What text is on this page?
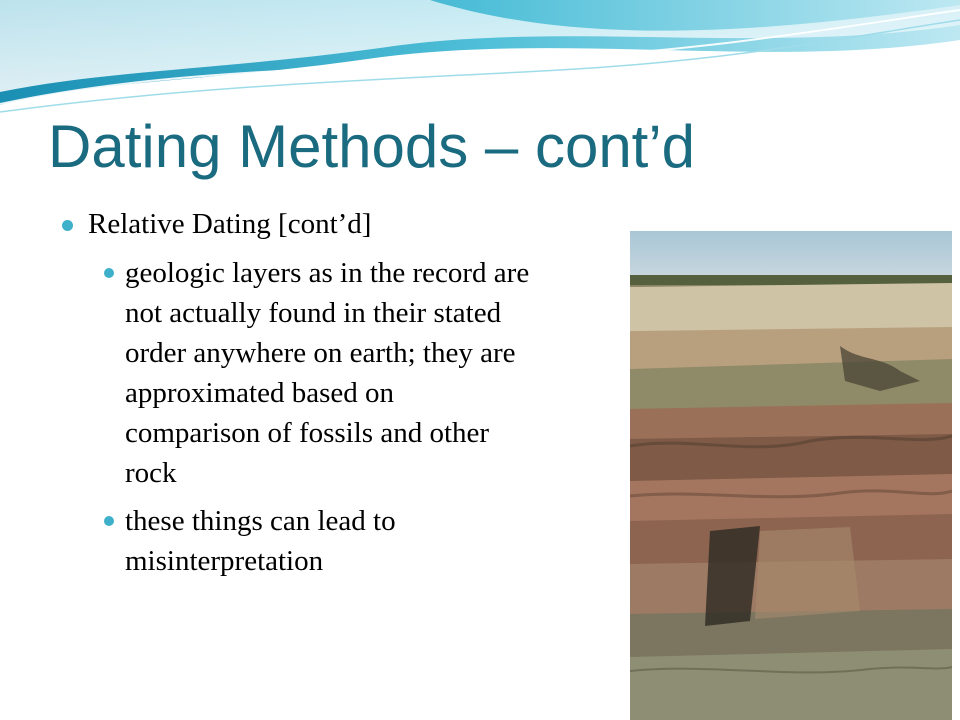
Dating Methods – cont’d
Relative Dating [cont’d]
geologic layers as in the record are not actually found in their stated order anywhere on earth; they are approximated based on comparison of fossils and other rock
these things can lead to misinterpretation
